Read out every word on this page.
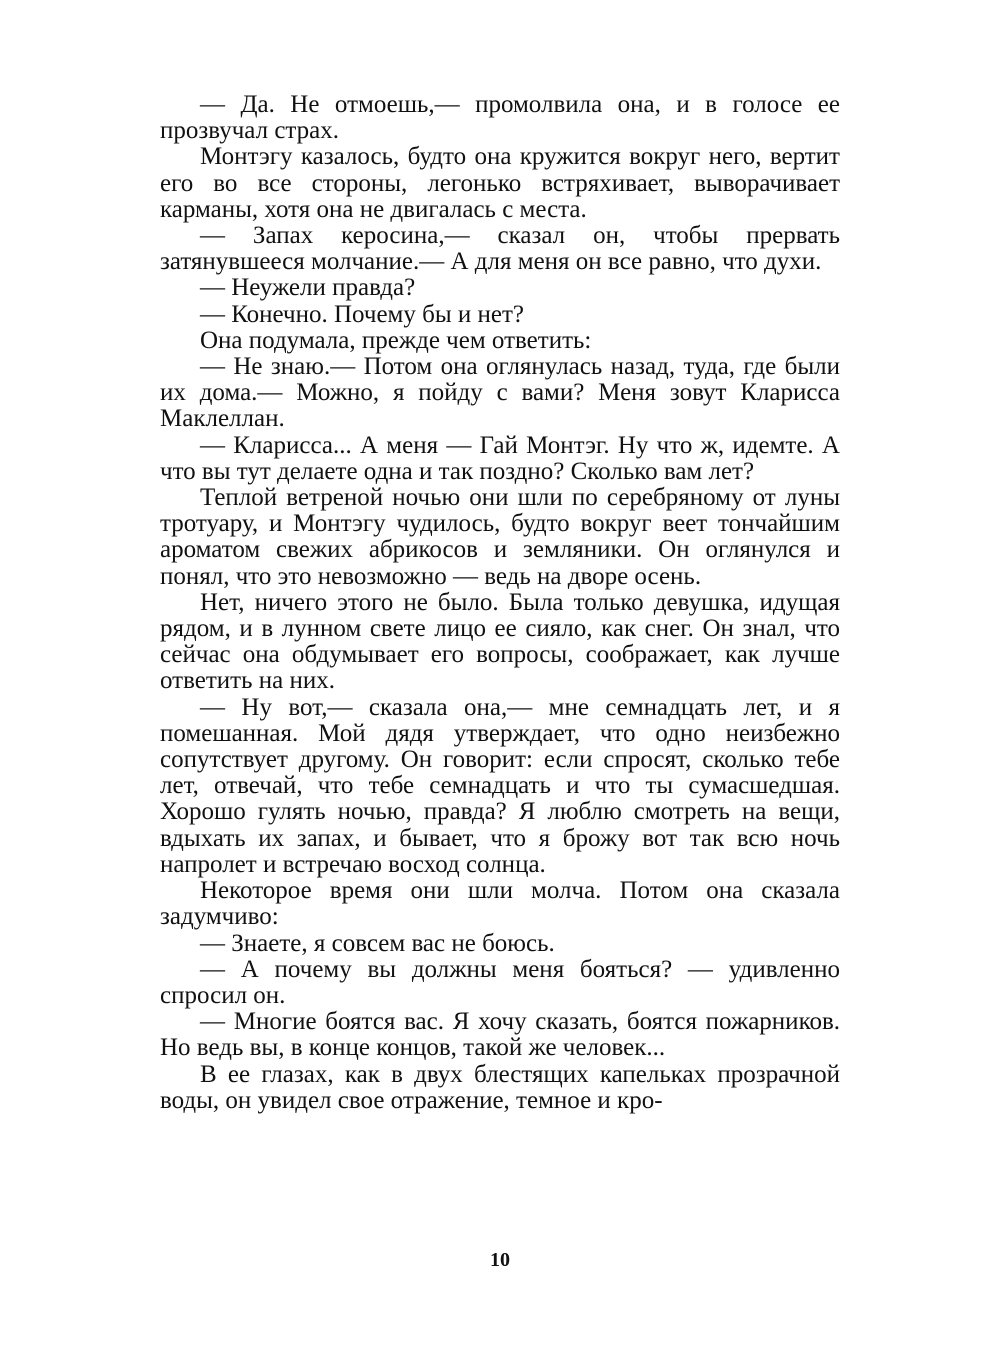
— Да. Не отмоешь,— промолвила она, и в голосе ее прозвучал страх.

Монтэгу казалось, будто она кружится вокруг него, вертит его во все стороны, легонько встряхивает, выворачивает карманы, хотя она не двигалась с места.

— Запах керосина,— сказал он, чтобы прервать затянувшееся молчание.— А для меня он все равно, что духи.

— Неужели правда?

— Конечно. Почему бы и нет?

Она подумала, прежде чем ответить:

— Не знаю.— Потом она оглянулась назад, туда, где были их дома.— Можно, я пойду с вами? Меня зовут Кларисса Маклеллан.

— Кларисса... А меня — Гай Монтэг. Ну что ж, идемте. А что вы тут делаете одна и так поздно? Сколько вам лет?

Теплой ветреной ночью они шли по серебряному от луны тротуару, и Монтэгу чудилось, будто вокруг веет тончайшим ароматом свежих абрикосов и земляники. Он оглянулся и понял, что это невозможно — ведь на дворе осень.

Нет, ничего этого не было. Была только девушка, идущая рядом, и в лунном свете лицо ее сияло, как снег. Он знал, что сейчас она обдумывает его вопросы, соображает, как лучше ответить на них.

— Ну вот,— сказала она,— мне семнадцать лет, и я помешанная. Мой дядя утверждает, что одно неизбежно сопутствует другому. Он говорит: если спросят, сколько тебе лет, отвечай, что тебе семнадцать и что ты сумасшедшая. Хорошо гулять ночью, правда? Я люблю смотреть на вещи, вдыхать их запах, и бывает, что я брожу вот так всю ночь напролет и встречаю восход солнца.

Некоторое время они шли молча. Потом она сказала задумчиво:

— Знаете, я совсем вас не боюсь.

— А почему вы должны меня бояться? — удивленно спросил он.

— Многие боятся вас. Я хочу сказать, боятся пожарников. Но ведь вы, в конце концов, такой же человек...

В ее глазах, как в двух блестящих капельках прозрачной воды, он увидел свое отражение, темное и кро-

10
